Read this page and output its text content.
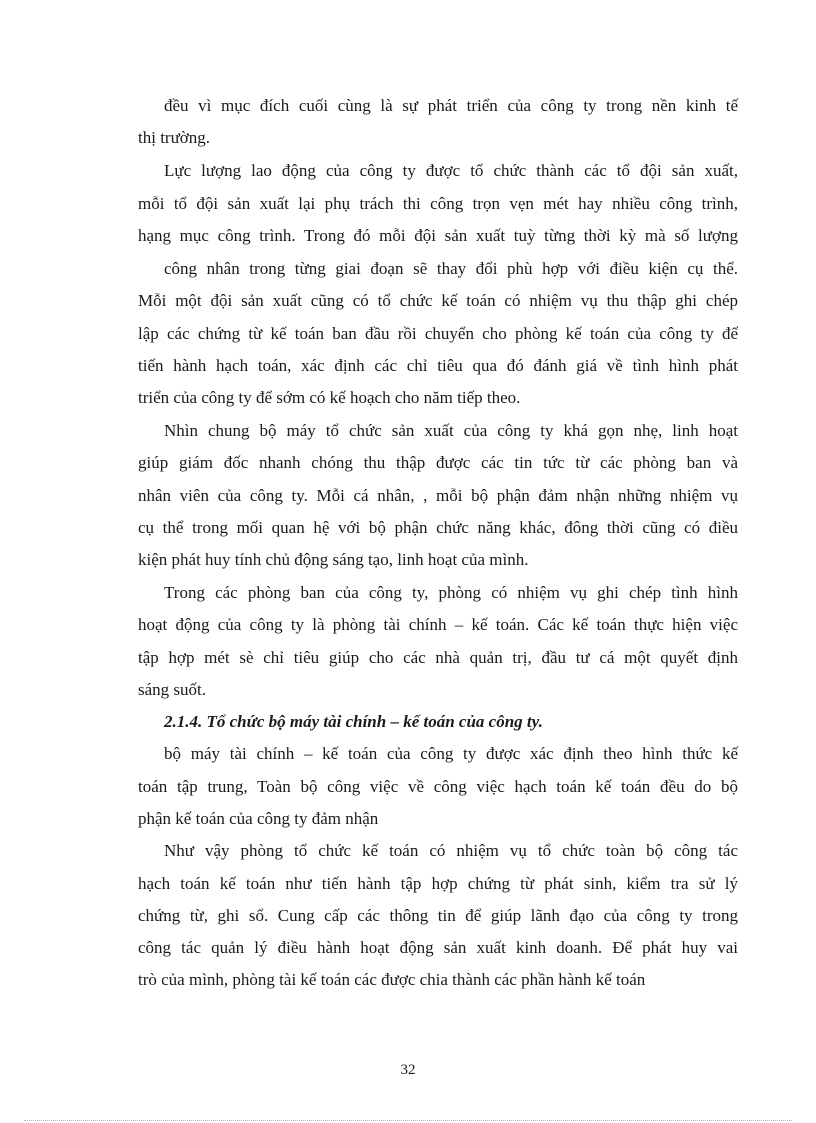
đều vì mục đích cuối cùng là sự phát triển của công ty trong nền kinh tế
thị trường.
Lực lượng lao động của công ty được tổ chức thành các tổ đội sản xuất,
mỗi tổ đội sản xuất lại phụ trách thi công trọn vẹn mét hay nhiều công trình,
hạng mục công trình. Trong đó mỗi đội sản xuất tuỳ từng thời kỳ mà số lượng
công nhân trong từng giai đoạn sẽ thay đổi phù hợp với điều kiện cụ thể.
Mỗi một đội sản xuất cũng có tổ chức kế toán có nhiệm vụ thu thập ghi chép
lập các chứng từ kế toán ban đầu rồi chuyển cho phòng kế toán của công ty để
tiến hành hạch toán, xác định các chỉ tiêu qua đó đánh giá về tình hình phát
triển của công ty để sớm có kế hoạch cho năm tiếp theo.
Nhìn chung bộ máy tổ chức sản xuất của công ty khá gọn nhẹ, linh hoạt
giúp giám đốc nhanh chóng thu thập được các tin tức từ các phòng ban và
nhân viên của công ty. Mỗi cá nhân, , mỗi bộ phận đảm nhận những nhiệm vụ
cụ thể trong mối quan hệ với bộ phận chức năng khác, đông thời cũng có điều
kiện phát huy tính chủ động sáng tạo, linh hoạt của mình.
Trong các phòng ban của công ty, phòng có nhiệm vụ ghi chép tình hình
hoạt động của công ty là phòng tài chính – kế toán. Các kế toán thực hiện việc
tập hợp mét sè chỉ tiêu giúp cho các nhà quản trị, đầu tư cá một quyết định
sáng suốt.
2.1.4. Tổ chức bộ máy tài chính – kế toán của công ty.
bộ máy tài chính – kế toán của công ty được xác định theo hình thức kế
toán tập trung, Toàn bộ công việc về công việc hạch toán kế toán đều do bộ
phận kế toán của công ty đảm nhận
Như vậy phòng tổ chức kế toán có nhiệm vụ tổ chức toàn bộ công tác
hạch toán kế toán như tiến hành tập hợp chứng từ phát sinh, kiểm tra sử lý
chứng từ, ghi sổ. Cung cấp các thông tin để giúp lãnh đạo của công ty trong
công tác quản lý điều hành hoạt động sản xuất kinh doanh. Để phát huy vai
trò của mình, phòng tài kế toán các được chia thành các phần hành kế toán
32
